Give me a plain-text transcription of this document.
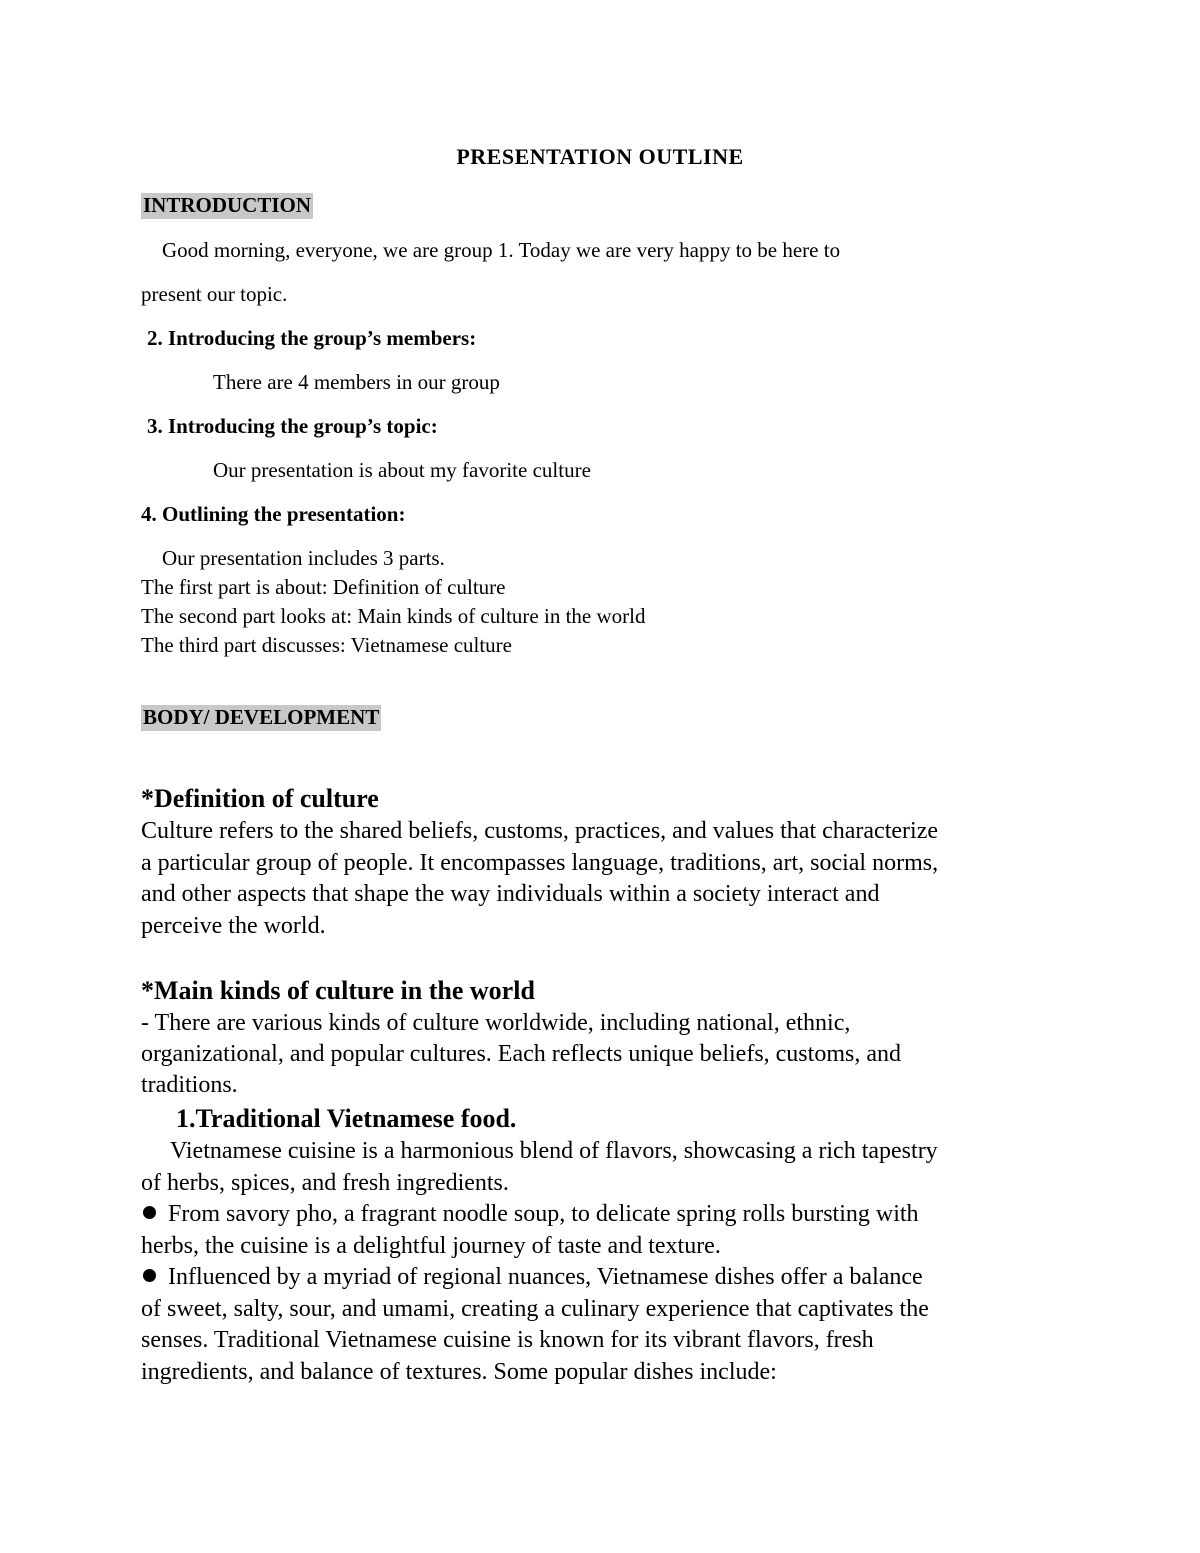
PRESENTATION OUTLINE
INTRODUCTION
Good morning, everyone, we are group 1. Today we are very happy to be here to
present our topic.
2. Introducing the group’s members:
There are 4 members in our group
3. Introducing the group’s topic:
Our presentation is about my favorite culture
4. Outlining the presentation:
Our presentation includes 3 parts.
The first part is about: Definition of culture
The second part looks at: Main kinds of culture in the world
The third part discusses: Vietnamese culture
BODY/ DEVELOPMENT
*Definition of culture
Culture refers to the shared beliefs, customs, practices, and values that characterize
a particular group of people. It encompasses language, traditions, art, social norms,
and other aspects that shape the way individuals within a society interact and
perceive the world.
*Main kinds of culture in the world
- There are various kinds of culture worldwide, including national, ethnic,
organizational, and popular cultures. Each reflects unique beliefs, customs, and
traditions.
1.Traditional Vietnamese food.
Vietnamese cuisine is a harmonious blend of flavors, showcasing a rich tapestry
of herbs, spices, and fresh ingredients.
From savory pho, a fragrant noodle soup, to delicate spring rolls bursting with
herbs, the cuisine is a delightful journey of taste and texture.
Influenced by a myriad of regional nuances, Vietnamese dishes offer a balance
of sweet, salty, sour, and umami, creating a culinary experience that captivates the
senses. Traditional Vietnamese cuisine is known for its vibrant flavors, fresh
ingredients, and balance of textures. Some popular dishes include:
